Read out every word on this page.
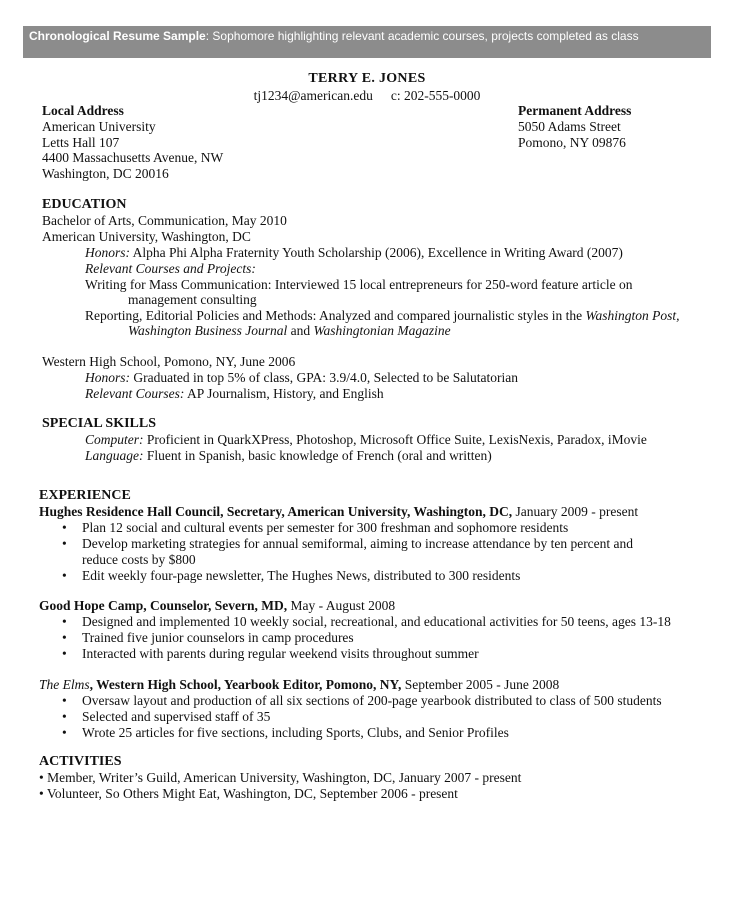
Chronological Resume Sample: Sophomore highlighting relevant academic courses, projects completed as class
TERRY E. JONES
tj1234@american.edu c: 202-555-0000
Local Address
American University
Letts Hall 107
4400 Massachusetts Avenue, NW
Washington, DC 20016
Permanent Address
5050 Adams Street
Pomono, NY 09876
EDUCATION
Bachelor of Arts, Communication, May 2010
American University, Washington, DC
Honors: Alpha Phi Alpha Fraternity Youth Scholarship (2006), Excellence in Writing Award (2007)
Relevant Courses and Projects:
Writing for Mass Communication: Interviewed 15 local entrepreneurs for 250-word feature article on
management consulting
Reporting, Editorial Policies and Methods: Analyzed and compared journalistic styles in the Washington Post,
Washington Business Journal and Washingtonian Magazine
Western High School, Pomono, NY, June 2006
Honors: Graduated in top 5% of class, GPA: 3.9/4.0, Selected to be Salutatorian
Relevant Courses: AP Journalism, History, and English
SPECIAL SKILLS
Computer: Proficient in QuarkXPress, Photoshop, Microsoft Office Suite, LexisNexis, Paradox, iMovie
Language: Fluent in Spanish, basic knowledge of French (oral and written)
EXPERIENCE
Hughes Residence Hall Council, Secretary, American University, Washington, DC, January 2009 - present
• Plan 12 social and cultural events per semester for 300 freshman and sophomore residents
• Develop marketing strategies for annual semiformal, aiming to increase attendance by ten percent and
reduce costs by $800
• Edit weekly four-page newsletter, The Hughes News, distributed to 300 residents
Good Hope Camp, Counselor, Severn, MD, May - August 2008
• Designed and implemented 10 weekly social, recreational, and educational activities for 50 teens, ages 13-18
• Trained five junior counselors in camp procedures
• Interacted with parents during regular weekend visits throughout summer
The Elms, Western High School, Yearbook Editor, Pomono, NY, September 2005 - June 2008
• Oversaw layout and production of all six sections of 200-page yearbook distributed to class of 500 students
• Selected and supervised staff of 35
• Wrote 25 articles for five sections, including Sports, Clubs, and Senior Profiles
ACTIVITIES
• Member, Writer’s Guild, American University, Washington, DC, January 2007 - present
• Volunteer, So Others Might Eat, Washington, DC, September 2006 - present
